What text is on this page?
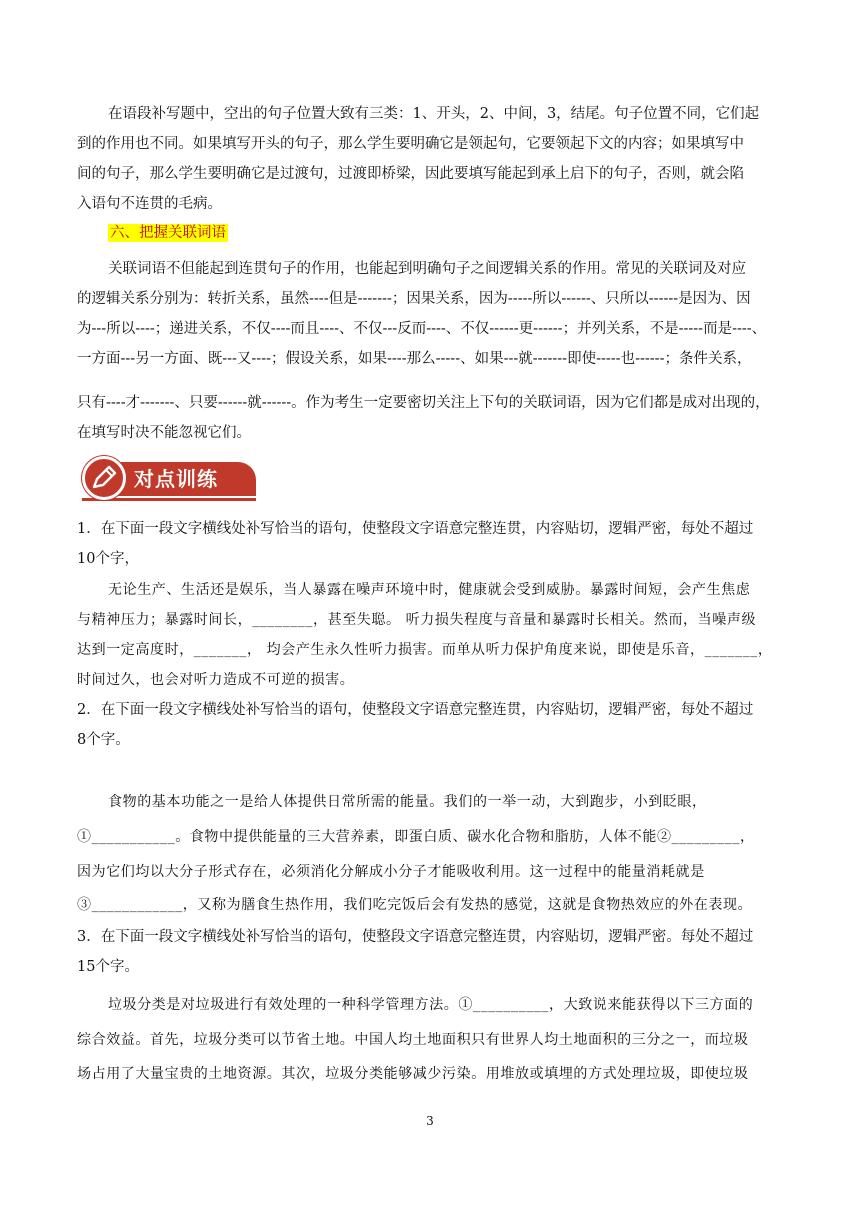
在语段补写题中，空出的句子位置大致有三类：1、开头，2、中间，3，结尾。句子位置不同，它们起
到的作用也不同。如果填写开头的句子，那么学生要明确它是领起句，它要领起下文的内容；如果填写中
间的句子，那么学生要明确它是过渡句，过渡即桥梁，因此要填写能起到承上启下的句子，否则，就会陷
入语句不连贯的毛病。
六、把握关联词语
关联词语不但能起到连贯句子的作用，也能起到明确句子之间逻辑关系的作用。常见的关联词及对应
的逻辑关系分别为：转折关系，虽然----但是-------；因果关系，因为-----所以------、只所以------是因为、因
为---所以----；递进关系，不仅----而且----、不仅---反而----、不仅------更------；并列关系，不是-----而是----、
一方面---另一方面、既---又----；假设关系，如果----那么-----、如果---就-------即使-----也------；条件关系，
只有----才-------、只要------就------。作为考生一定要密切关注上下句的关联词语，因为它们都是成对出现的，
在填写时决不能忽视它们。
对点训练
1．在下面一段文字横线处补写恰当的语句，使整段文字语意完整连贯，内容贴切，逻辑严密，每处不超过
10个字，
无论生产、生活还是娱乐，当人暴露在噪声环境中时，健康就会受到威胁。暴露时间短，会产生焦虑
与精神压力；暴露时间长，________，甚至失聪。 听力损失程度与音量和暴露时长相关。然而，当噪声级
达到一定高度时，_______， 均会产生永久性听力损害。而单从听力保护角度来说，即使是乐音，_______，
时间过久，也会对听力造成不可逆的损害。
2．在下面一段文字横线处补写恰当的语句，使整段文字语意完整连贯，内容贴切，逻辑严密，每处不超过
8个字。
食物的基本功能之一是给人体提供日常所需的能量。我们的一举一动，大到跑步，小到眨眼，
①___________。食物中提供能量的三大营养素，即蛋白质、碳水化合物和脂肪，人体不能②_________，
因为它们均以大分子形式存在，必须消化分解成小分子才能吸收利用。这一过程中的能量消耗就是
③____________，又称为膳食生热作用，我们吃完饭后会有发热的感觉，这就是食物热效应的外在表现。
3．在下面一段文字横线处补写恰当的语句，使整段文字语意完整连贯，内容贴切，逻辑严密。每处不超过
15个字。
垃圾分类是对垃圾进行有效处理的一种科学管理方法。①__________，大致说来能获得以下三方面的
综合效益。首先，垃圾分类可以节省土地。中国人均土地面积只有世界人均土地面积的三分之一，而垃圾
场占用了大量宝贵的土地资源。其次，垃圾分类能够减少污染。用堆放或填埋的方式处理垃圾，即使垃圾
3
